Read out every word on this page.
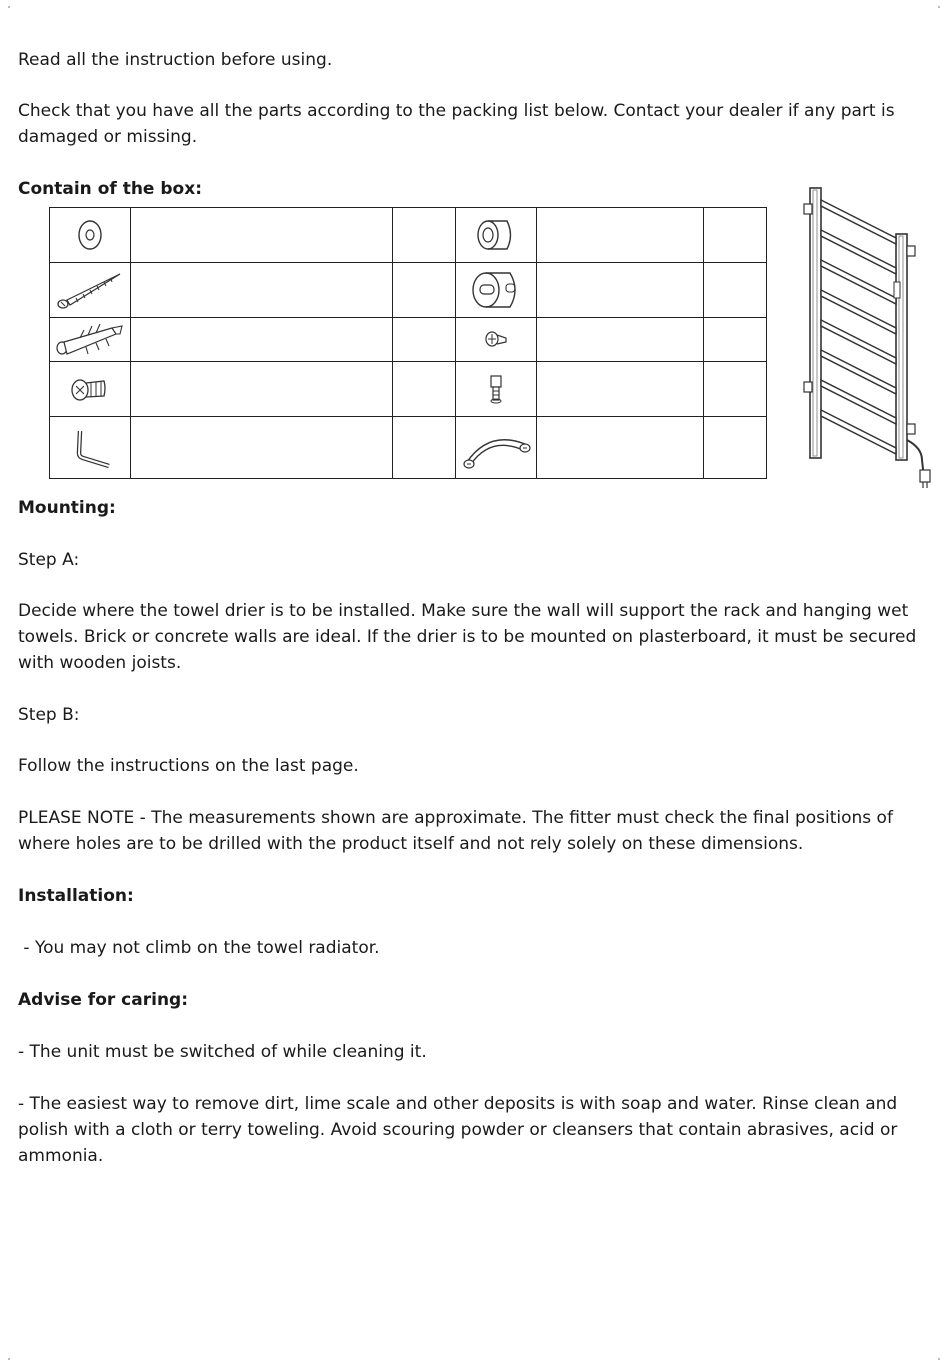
Read all the instruction before using.

Check that you have all the parts according to the packing list below. Contact your dealer if any part is damaged or missing.

Contain of the box:

Mounting:

Step A:

Decide where the towel drier is to be installed. Make sure the wall will support the rack and hanging wet towels. Brick or concrete walls are ideal. If the drier is to be mounted on plasterboard, it must be secured with wooden joists.

Step B:

Follow the instructions on the last page.

PLEASE NOTE - The measurements shown are approximate. The fitter must check the final positions of where holes are to be drilled with the product itself and not rely solely on these dimensions.

Installation:

- You may not climb on the towel radiator.

Advise for caring:

- The unit must be switched of while cleaning it.

- The easiest way to remove dirt, lime scale and other deposits is with soap and water. Rinse clean and polish with a cloth or terry toweling. Avoid scouring powder or cleansers that contain abrasives, acid or ammonia.
